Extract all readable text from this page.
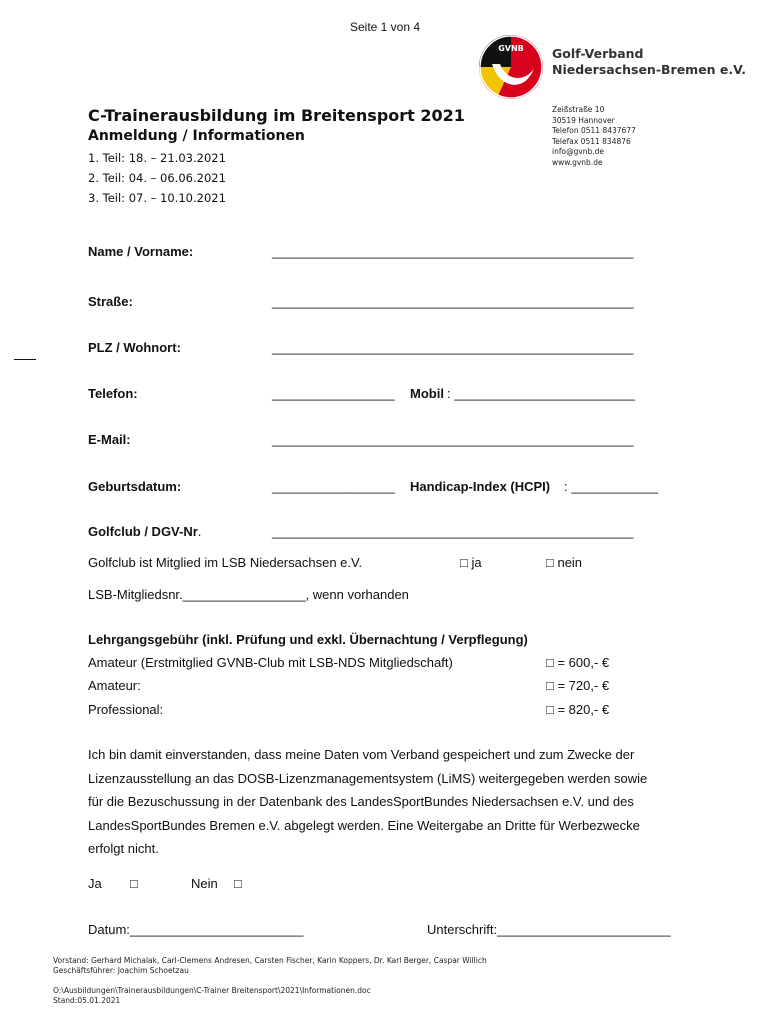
Seite 1 von 4
GVNB Golf-Verband
Niedersachsen-Bremen e.V.
C-Trainerausbildung im Breitensport 2021
Anmeldung / Informationen
1. Teil: 18. – 21.03.2021
2. Teil: 04. – 06.06.2021
3. Teil: 07. – 10.10.2021
Zeißstraße 10
30519 Hannover
Telefon 0511 8437677
Telefax 0511 834876
info@gvnb.de
www.gvnb.de
Name / Vorname:	__________________________________________________
Straße:	__________________________________________________
PLZ / Wohnort:	__________________________________________________
Telefon:	_________________ Mobil : _________________________
E-Mail:	__________________________________________________
Geburtsdatum:	_________________ Handicap-Index (HCPI) : ____________
Golfclub / DGV-Nr.	__________________________________________________
Golfclub ist Mitglied im LSB Niedersachsen e.V.	□ ja	□ nein
LSB-Mitgliedsnr._________________, wenn vorhanden
Lehrgangsgebühr (inkl. Prüfung und exkl. Übernachtung / Verpflegung)
Amateur (Erstmitglied GVNB-Club mit LSB-NDS Mitgliedschaft)	□ = 600,- €
Amateur:	□ = 720,- €
Professional:	□ = 820,- €
Ich bin damit einverstanden, dass meine Daten vom Verband gespeichert und zum Zwecke der
Lizenzausstellung an das DOSB-Lizenzmanagementsystem (LiMS) weitergegeben werden sowie
für die Bezuschussung in der Datenbank des LandesSportBundes Niedersachsen e.V. und des
LandesSportBundes Bremen e.V. abgelegt werden. Eine Weitergabe an Dritte für Werbezwecke
erfolgt nicht.
Ja □	Nein □
Datum:________________________	Unterschrift:________________________
Vorstand: Gerhard Michalak, Carl-Clemens Andresen, Carsten Fischer, Karin Koppers, Dr. Karl Berger, Caspar Willich
Geschäftsführer: Joachim Schoetzau
O:\Ausbildungen\Trainerausbildungen\C-Trainer Breitensport\2021\Informationen.doc
Stand:05.01.2021
